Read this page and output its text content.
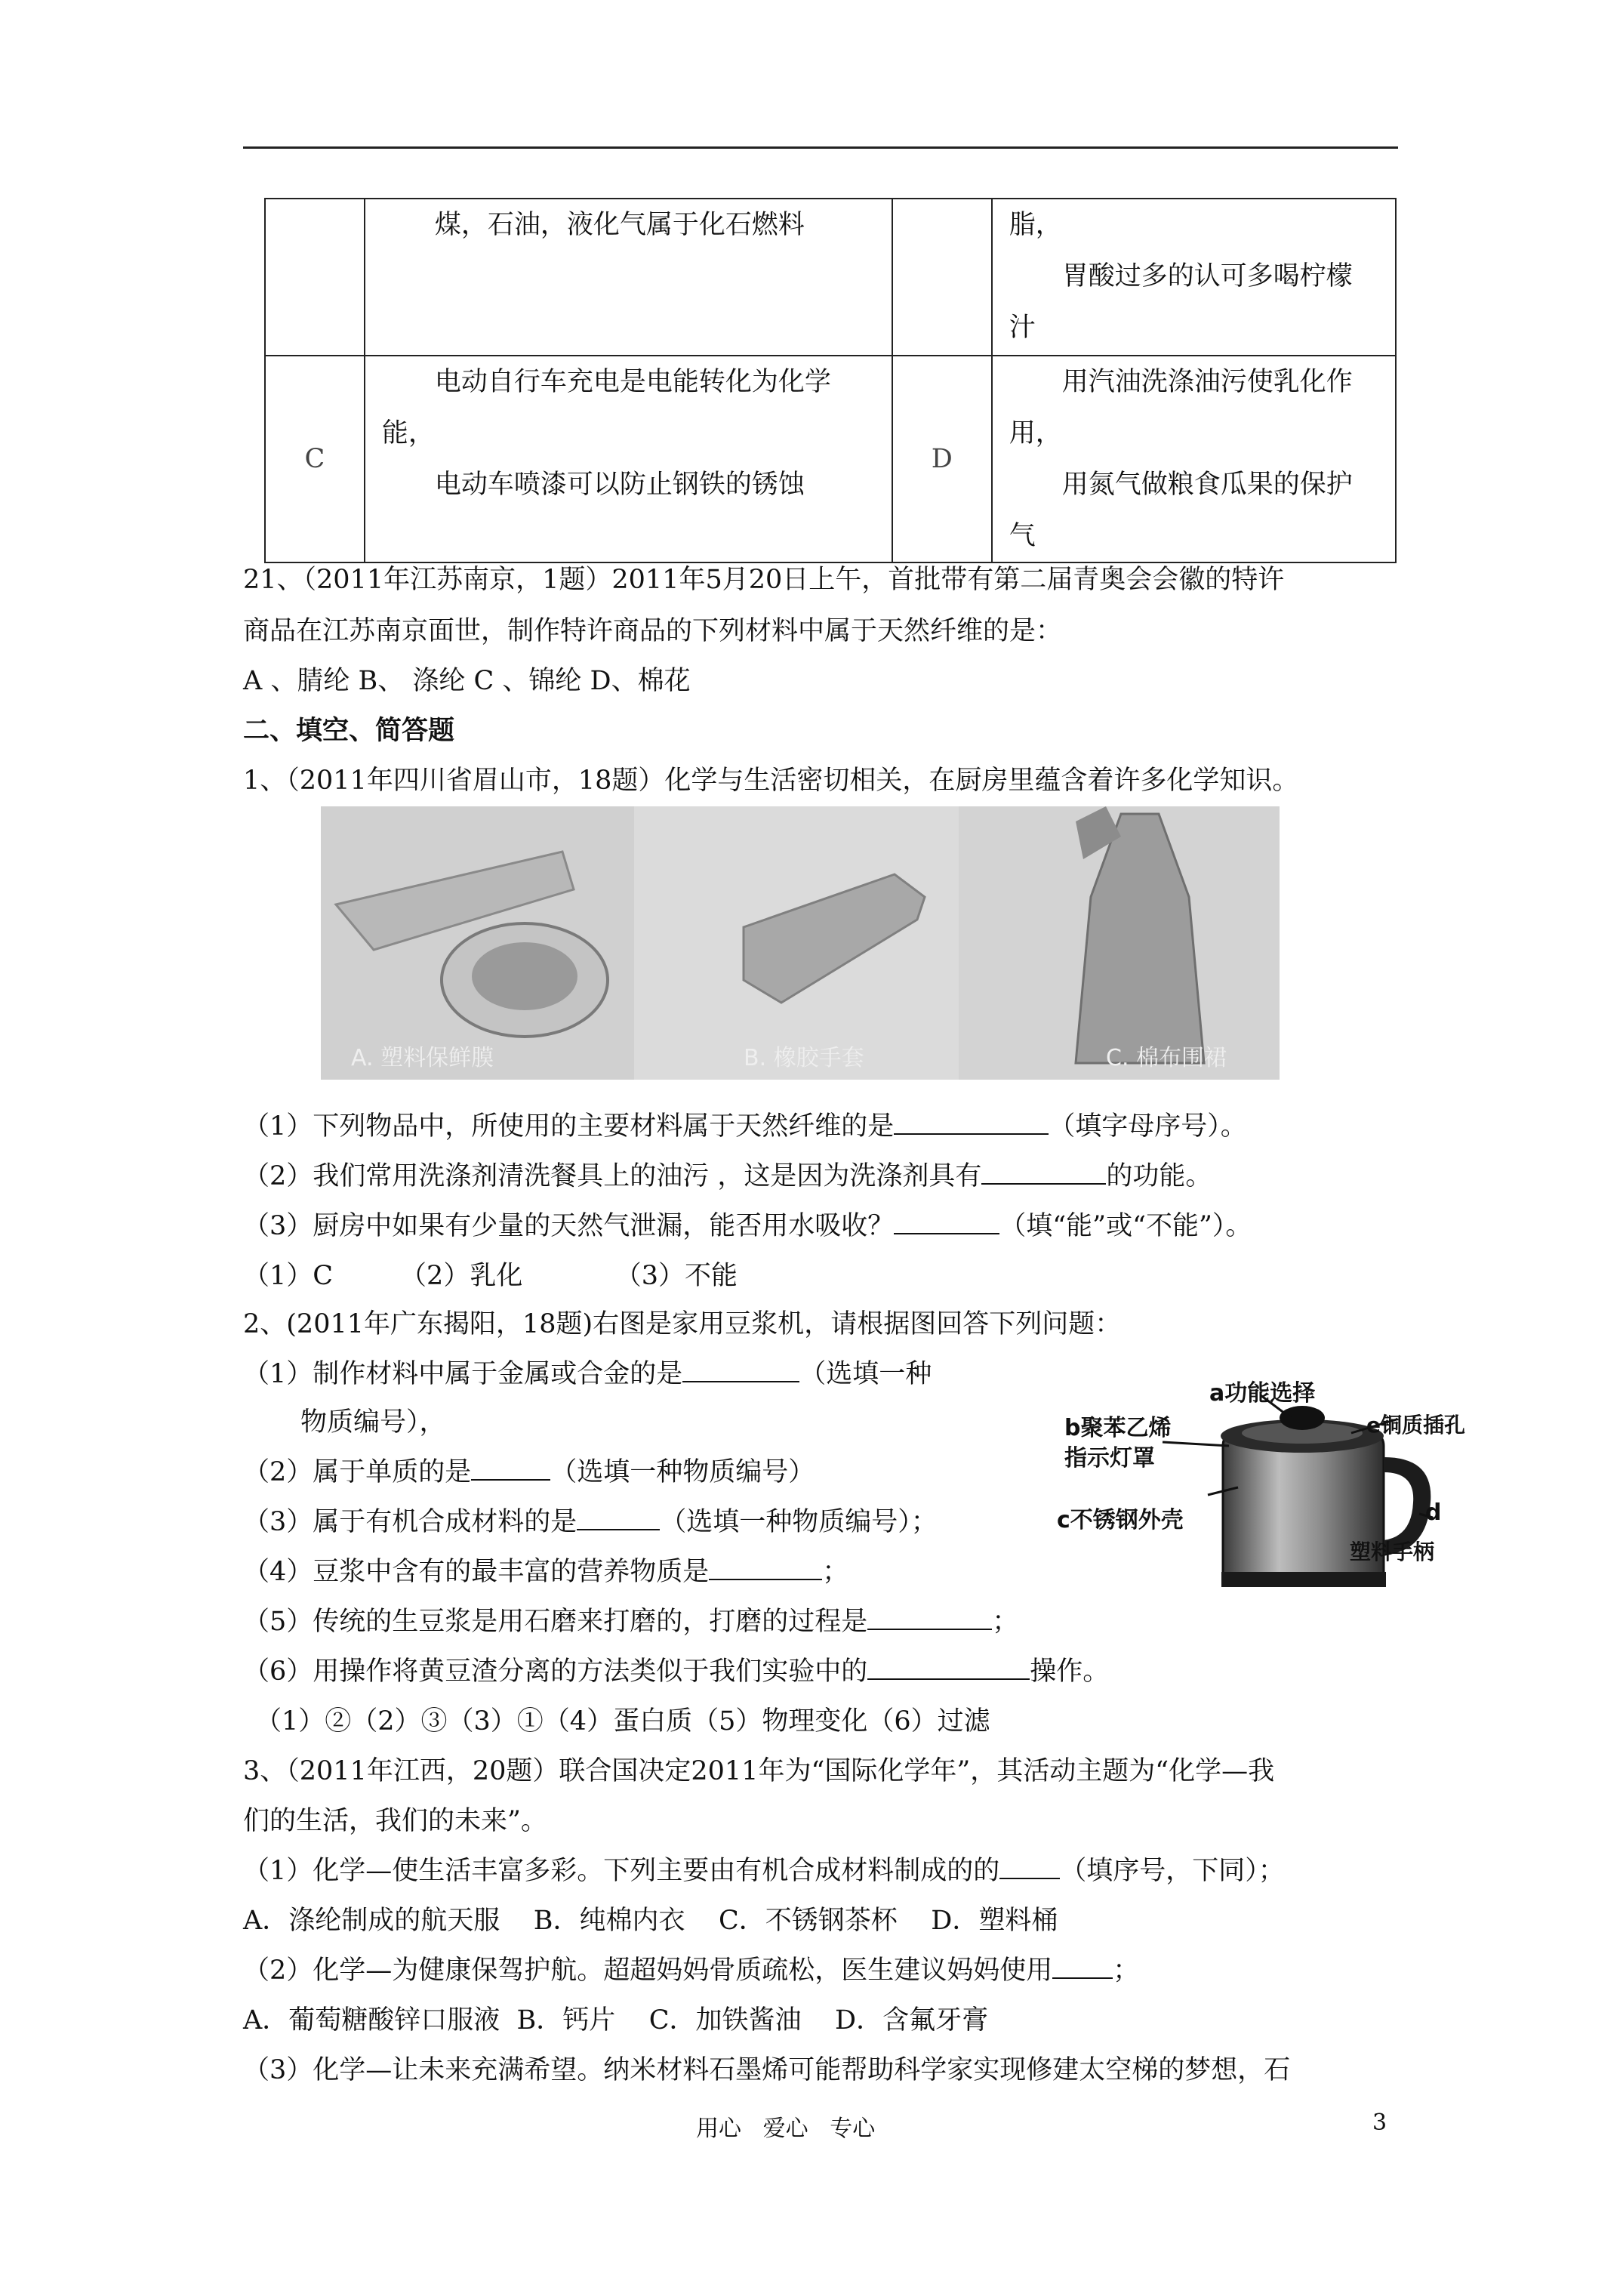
	煤，石油，液化气属于化石燃料		脂，
胃酸过多的认可多喝柠檬汁

C	电动自行车充电是电能转化为化学能，
电动车喷漆可以防止钢铁的锈蚀	D	用汽油洗涤油污使乳化作用，
用氮气做粮食瓜果的保护气
21、（2011年江苏南京，1题）2011年5月20日上午，首批带有第二届青奥会会徽的特许
商品在江苏南京面世，制作特许商品的下列材料中属于天然纤维的是：
A 、腈纶 B、 涤纶 C 、锦纶 D、棉花
二、填空、简答题
1、（2011年四川省眉山市，18题）化学与生活密切相关，在厨房里蕴含着许多化学知识。
A. 塑料保鲜膜	B. 橡胶手套	C. 棉布围裙
（1）下列物品中，所使用的主要材料属于天然纤维的是	（填字母序号）。
（2）我们常用洗涤剂清洗餐具上的油污 ，这是因为洗涤剂具有	的功能。
（3）厨房中如果有少量的天然气泄漏，能否用水吸收？	（填“能”或“不能”）。
（1）C        （2）乳化           （3）不能
2、(2011年广东揭阳，18题)右图是家用豆浆机，请根据图回答下列问题：
（1）制作材料中属于金属或合金的是	（选填一种
物质编号），
（2）属于单质的是	（选填一种物质编号）
（3）属于有机合成材料的是	（选填一种物质编号）；
（4）豆浆中含有的最丰富的营养物质是	；
（5）传统的生豆浆是用石磨来打磨的，打磨的过程是	；
（6）用操作将黄豆渣分离的方法类似于我们实验中的	操作。
（1）②（2）③（3）①（4）蛋白质（5）物理变化（6）过滤
a功能选择
b聚苯乙烯
指示灯罩
e铜质插孔
c不锈钢外壳	d
塑料手柄
3、（2011年江西，20题）联合国决定2011年为“国际化学年”，其活动主题为“化学—我
们的生活，我们的未来”。
（1）化学—使生活丰富多彩。下列主要由有机合成材料制成的的 （填序号，下同）；
A．涤纶制成的航天服    B．纯棉内衣    C．不锈钢茶杯    D．塑料桶
（2）化学—为健康保驾护航。超超妈妈骨质疏松，医生建议妈妈使用 ；
A．葡萄糖酸锌口服液  B．钙片    C．加铁酱油    D．含氟牙膏
（3）化学—让未来充满希望。纳米材料石墨烯可能帮助科学家实现修建太空梯的梦想，石
用心   爱心   专心	3
